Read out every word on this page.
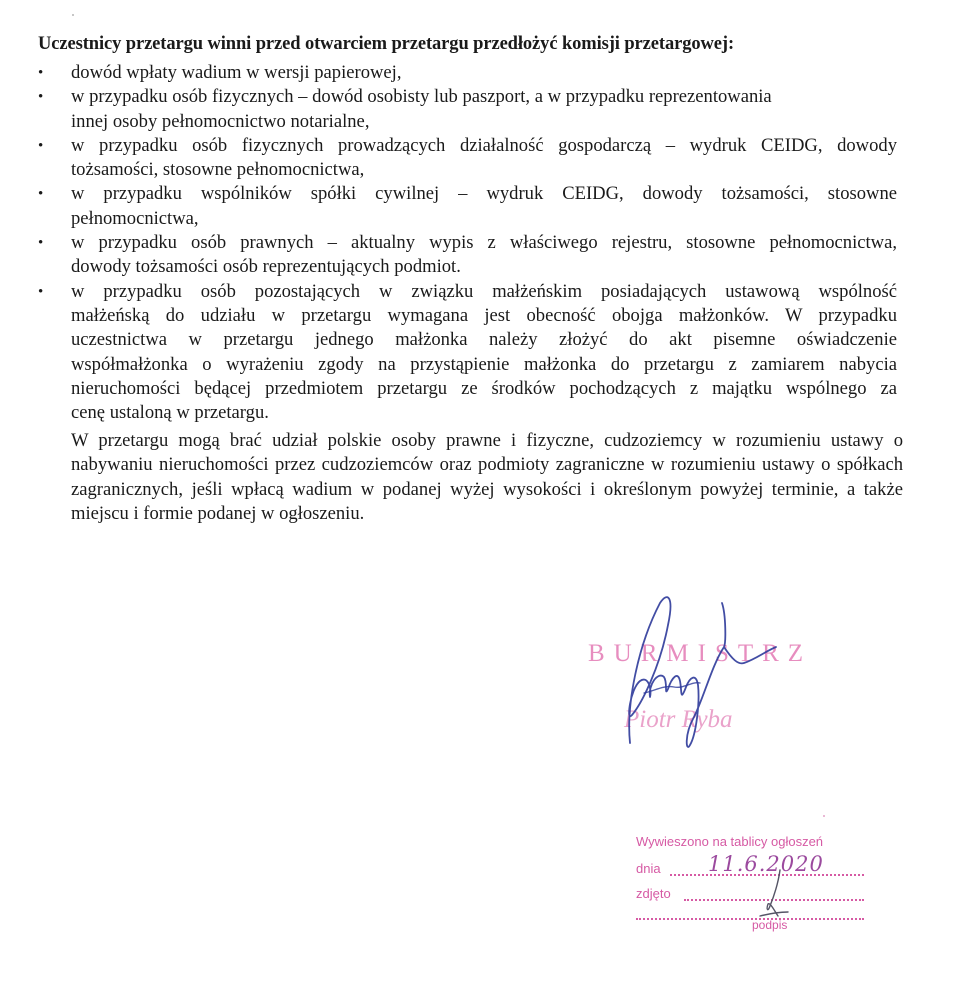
Uczestnicy przetargu winni przed otwarciem przetargu przedłożyć komisji przetargowej:
•	dowód wpłaty wadium w wersji papierowej,
•	w przypadku osób fizycznych – dowód osobisty lub paszport, a w przypadku reprezentowania
innej osoby pełnomocnictwo notarialne,
•	w przypadku osób fizycznych prowadzących działalność gospodarczą – wydruk CEIDG, dowody
tożsamości, stosowne pełnomocnictwa,
•	w przypadku wspólników spółki cywilnej – wydruk CEIDG, dowody tożsamości, stosowne
pełnomocnictwa,
•	w przypadku osób prawnych – aktualny wypis z właściwego rejestru, stosowne pełnomocnictwa,
dowody tożsamości osób reprezentujących podmiot.
•	w przypadku osób pozostających w związku małżeńskim posiadających ustawową wspólność
małżeńską do udziału w przetargu wymagana jest obecność obojga małżonków. W przypadku
uczestnictwa w przetargu jednego małżonka należy złożyć do akt pisemne oświadczenie
współmałżonka o wyrażeniu zgody na przystąpienie małżonka do przetargu z zamiarem nabycia
nieruchomości będącej przedmiotem przetargu ze środków pochodzących z majątku wspólnego za
cenę ustaloną w przetargu.

W przetargu mogą brać udział polskie osoby prawne i fizyczne, cudzoziemcy w rozumieniu ustawy o nabywaniu nieruchomości przez cudzoziemców oraz podmioty zagraniczne w rozumieniu ustawy o spółkach zagranicznych, jeśli wpłacą wadium w podanej wyżej wysokości i określonym powyżej terminie, a także miejscu i formie podanej w ogłoszeniu.

BURMISTRZ
Piotr Ryba
Wywieszono na tablicy ogłoszeń
dnia
zdjęto
podpis
11.6.2020
